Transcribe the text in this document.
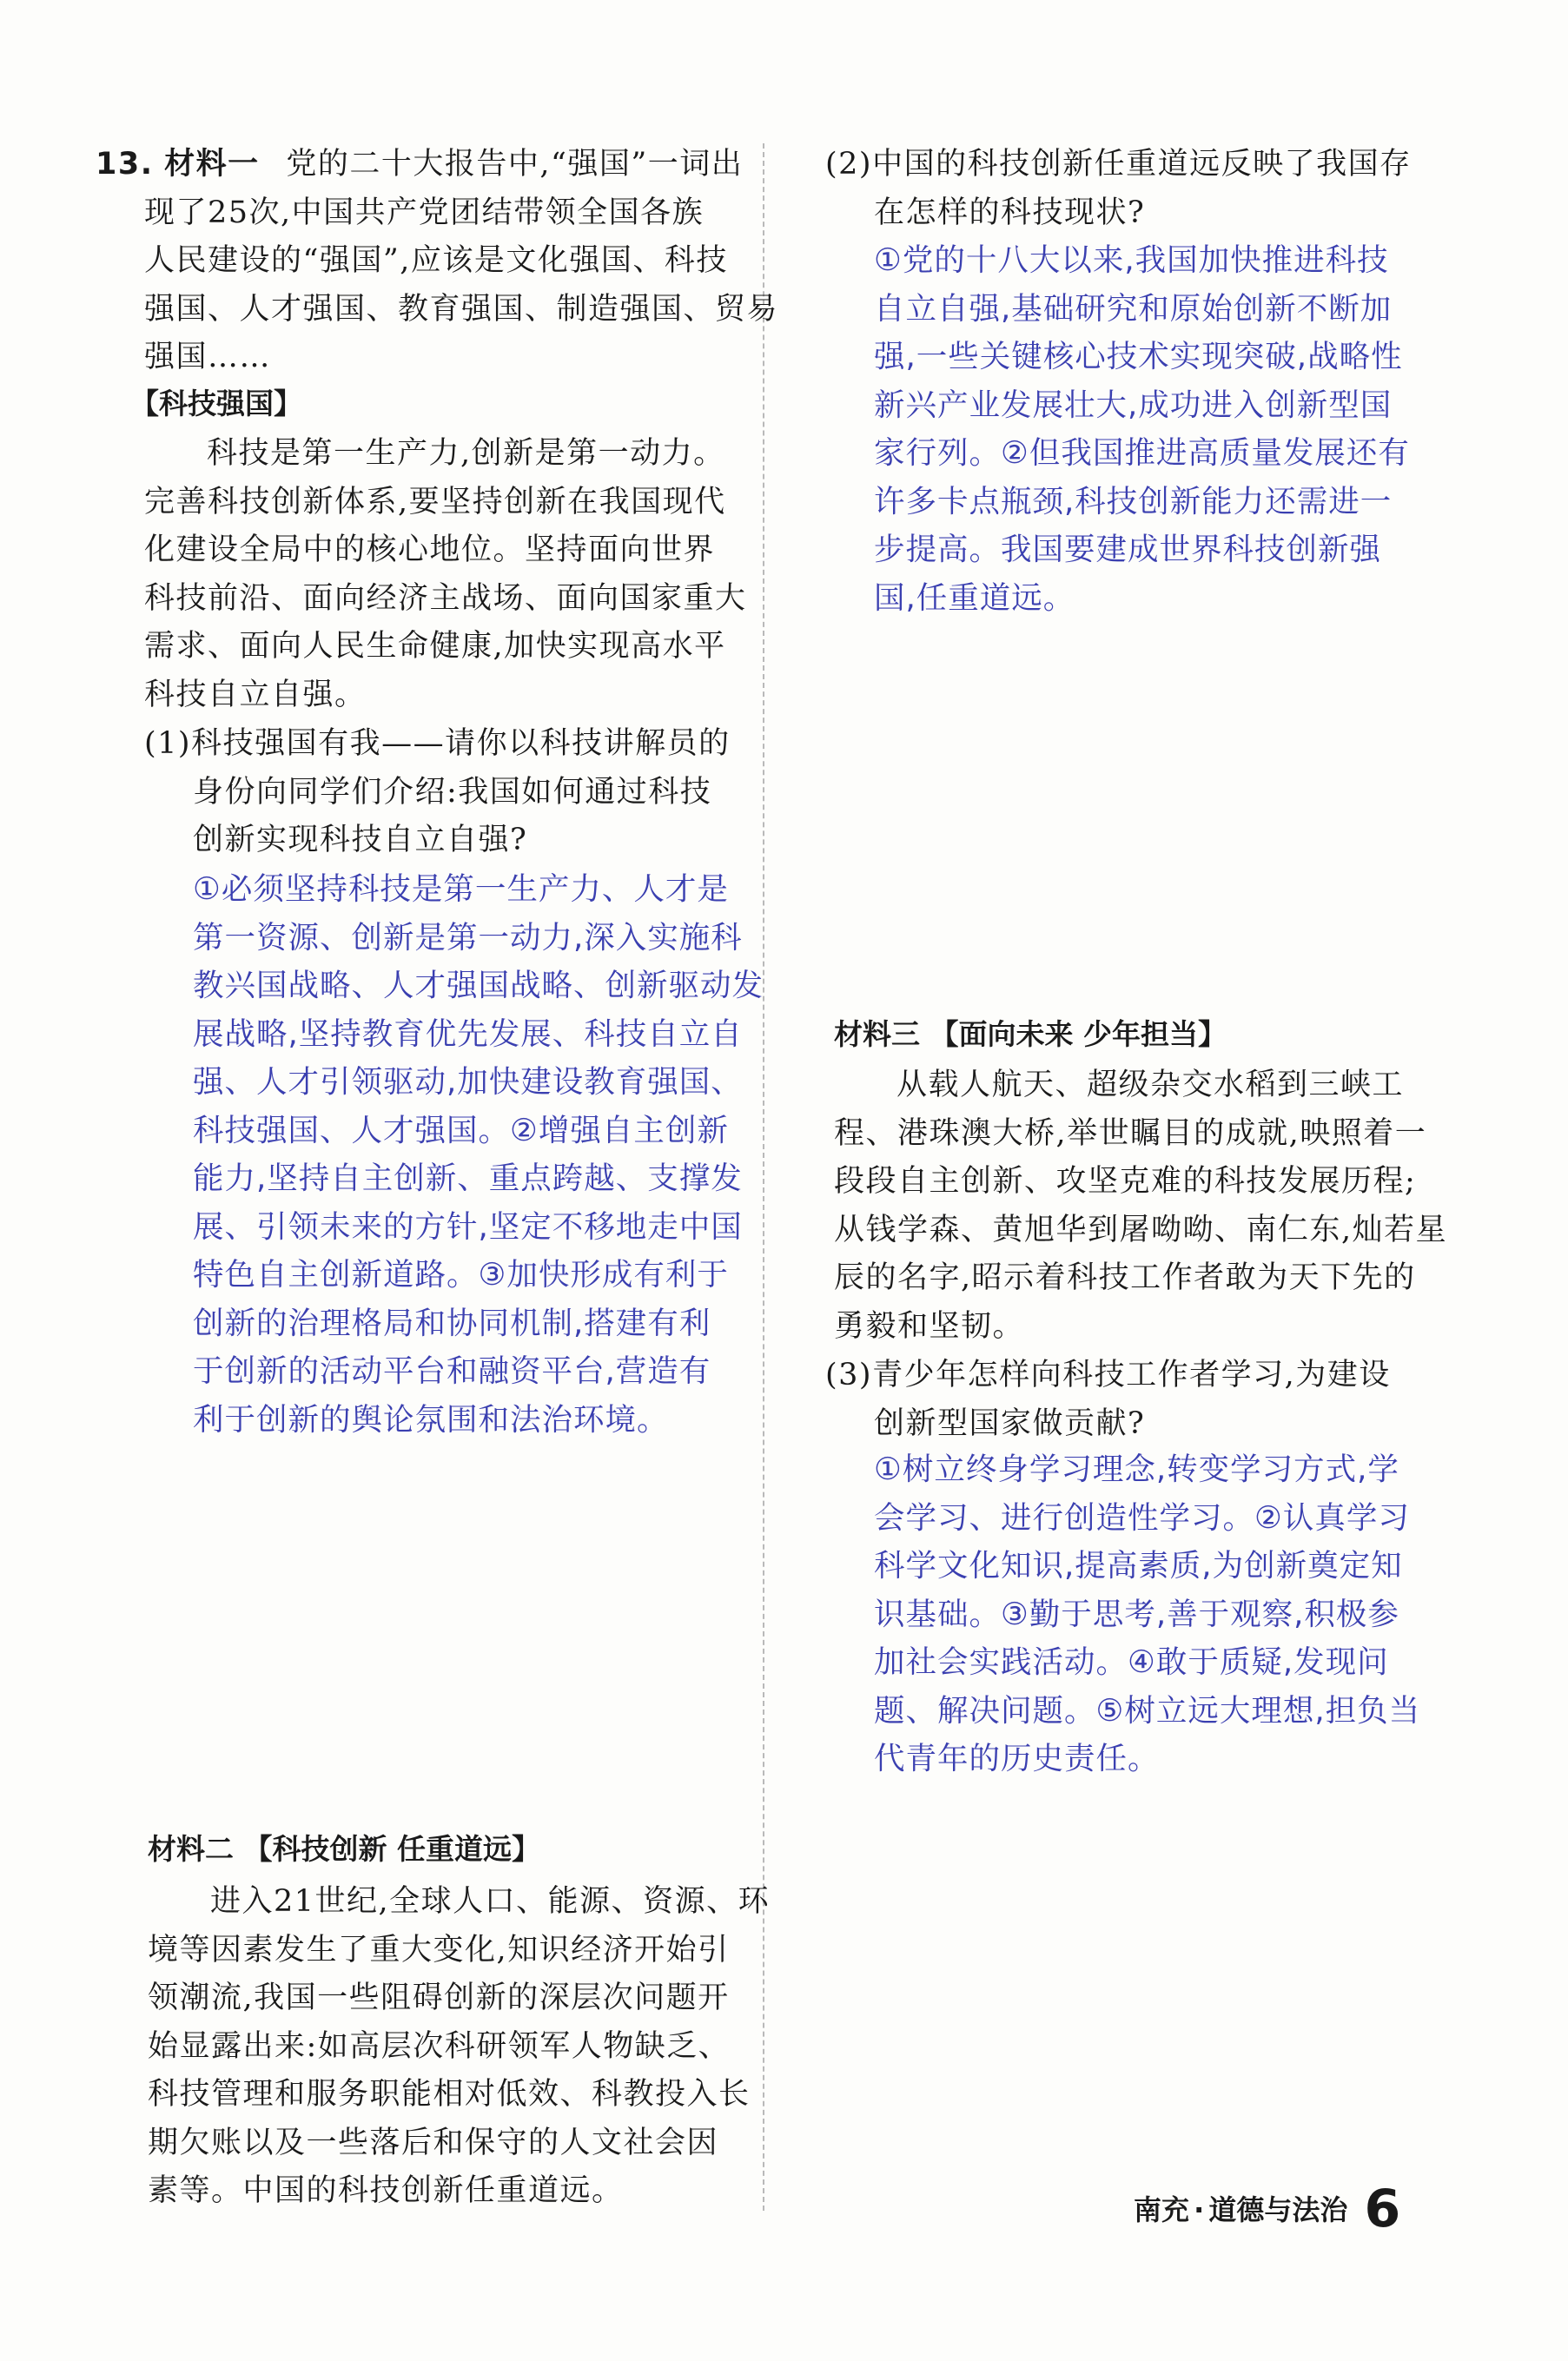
13. 材料一 党的二十大报告中,“强国”一词出
现了25次,中国共产党团结带领全国各族
人民建设的“强国”,应该是文化强国、科技
强国、人才强国、教育强国、制造强国、贸易
强国……
【科技强国】
科技是第一生产力,创新是第一动力。
完善科技创新体系,要坚持创新在我国现代
化建设全局中的核心地位。坚持面向世界
科技前沿、面向经济主战场、面向国家重大
需求、面向人民生命健康,加快实现高水平
科技自立自强。
(1)科技强国有我——请你以科技讲解员的
身份向同学们介绍:我国如何通过科技
创新实现科技自立自强?
①必须坚持科技是第一生产力、人才是
第一资源、创新是第一动力,深入实施科
教兴国战略、人才强国战略、创新驱动发
展战略,坚持教育优先发展、科技自立自
强、人才引领驱动,加快建设教育强国、
科技强国、人才强国。②增强自主创新
能力,坚持自主创新、重点跨越、支撑发
展、引领未来的方针,坚定不移地走中国
特色自主创新道路。③加快形成有利于
创新的治理格局和协同机制,搭建有利
于创新的活动平台和融资平台,营造有
利于创新的舆论氛围和法治环境。
材料二 【科技创新 任重道远】
进入21世纪,全球人口、能源、资源、环
境等因素发生了重大变化,知识经济开始引
领潮流,我国一些阻碍创新的深层次问题开
始显露出来:如高层次科研领军人物缺乏、
科技管理和服务职能相对低效、科教投入长
期欠账以及一些落后和保守的人文社会因
素等。中国的科技创新任重道远。
(2)中国的科技创新任重道远反映了我国存
在怎样的科技现状?
①党的十八大以来,我国加快推进科技
自立自强,基础研究和原始创新不断加
强,一些关键核心技术实现突破,战略性
新兴产业发展壮大,成功进入创新型国
家行列。②但我国推进高质量发展还有
许多卡点瓶颈,科技创新能力还需进一
步提高。我国要建成世界科技创新强
国,任重道远。
材料三 【面向未来 少年担当】
从载人航天、超级杂交水稻到三峡工
程、港珠澳大桥,举世瞩目的成就,映照着一
段段自主创新、攻坚克难的科技发展历程;
从钱学森、黄旭华到屠呦呦、南仁东,灿若星
辰的名字,昭示着科技工作者敢为天下先的
勇毅和坚韧。
(3)青少年怎样向科技工作者学习,为建设
创新型国家做贡献?
①树立终身学习理念,转变学习方式,学
会学习、进行创造性学习。②认真学习
科学文化知识,提高素质,为创新奠定知
识基础。③勤于思考,善于观察,积极参
加社会实践活动。④敢于质疑,发现问
题、解决问题。⑤树立远大理想,担负当
代青年的历史责任。
南充 · 道德与法治 6
